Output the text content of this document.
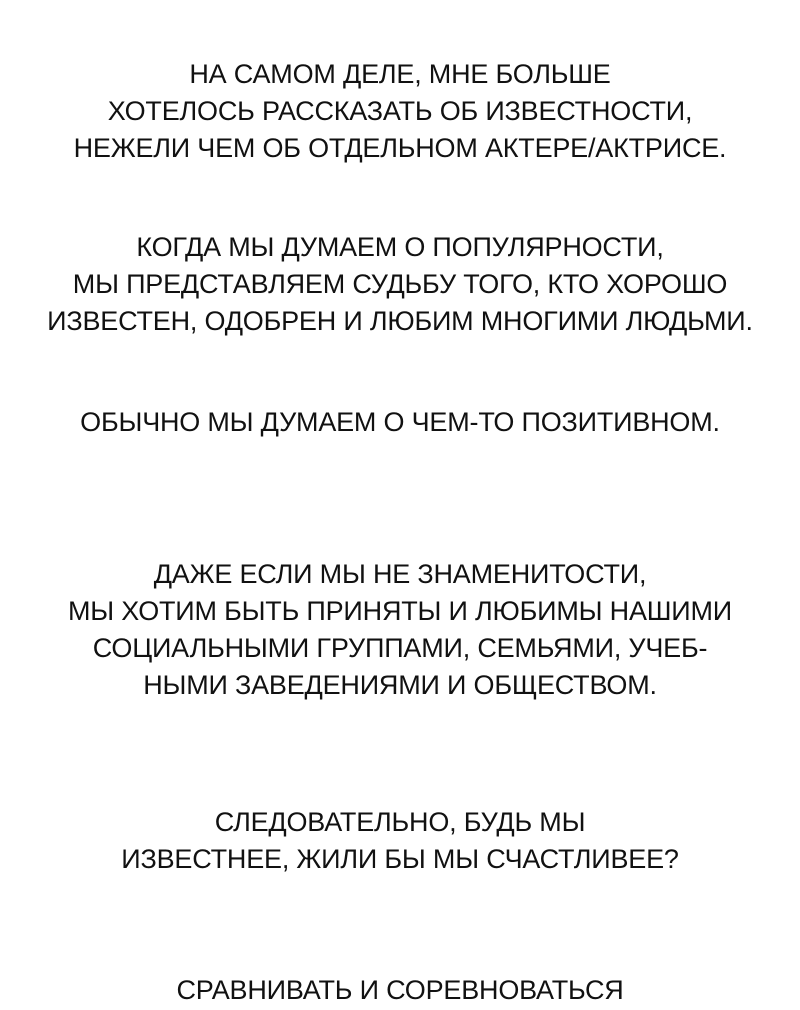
НА САМОМ ДЕЛЕ, МНЕ БОЛЬШЕ
ХОТЕЛОСЬ РАССКАЗАТЬ ОБ ИЗВЕСТНОСТИ,
НЕЖЕЛИ ЧЕМ ОБ ОТДЕЛЬНОМ АКТЕРЕ/АКТРИСЕ.
КОГДА МЫ ДУМАЕМ О ПОПУЛЯРНОСТИ,
МЫ ПРЕДСТАВЛЯЕМ СУДЬБУ ТОГО, КТО ХОРОШО
ИЗВЕСТЕН, ОДОБРЕН И ЛЮБИМ МНОГИМИ ЛЮДЬМИ.
ОБЫЧНО МЫ ДУМАЕМ О ЧЕМ-ТО ПОЗИТИВНОМ.
ДАЖЕ ЕСЛИ МЫ НЕ ЗНАМЕНИТОСТИ,
МЫ ХОТИМ БЫТЬ ПРИНЯТЫ И ЛЮБИМЫ НАШИМИ
СОЦИАЛЬНЫМИ ГРУППАМИ, СЕМЬЯМИ, УЧЕБ-
НЫМИ ЗАВЕДЕНИЯМИ И ОБЩЕСТВОМ.
СЛЕДОВАТЕЛЬНО, БУДЬ МЫ
ИЗВЕСТНЕЕ, ЖИЛИ БЫ МЫ СЧАСТЛИВЕЕ?
СРАВНИВАТЬ И СОРЕВНОВАТЬСЯ
